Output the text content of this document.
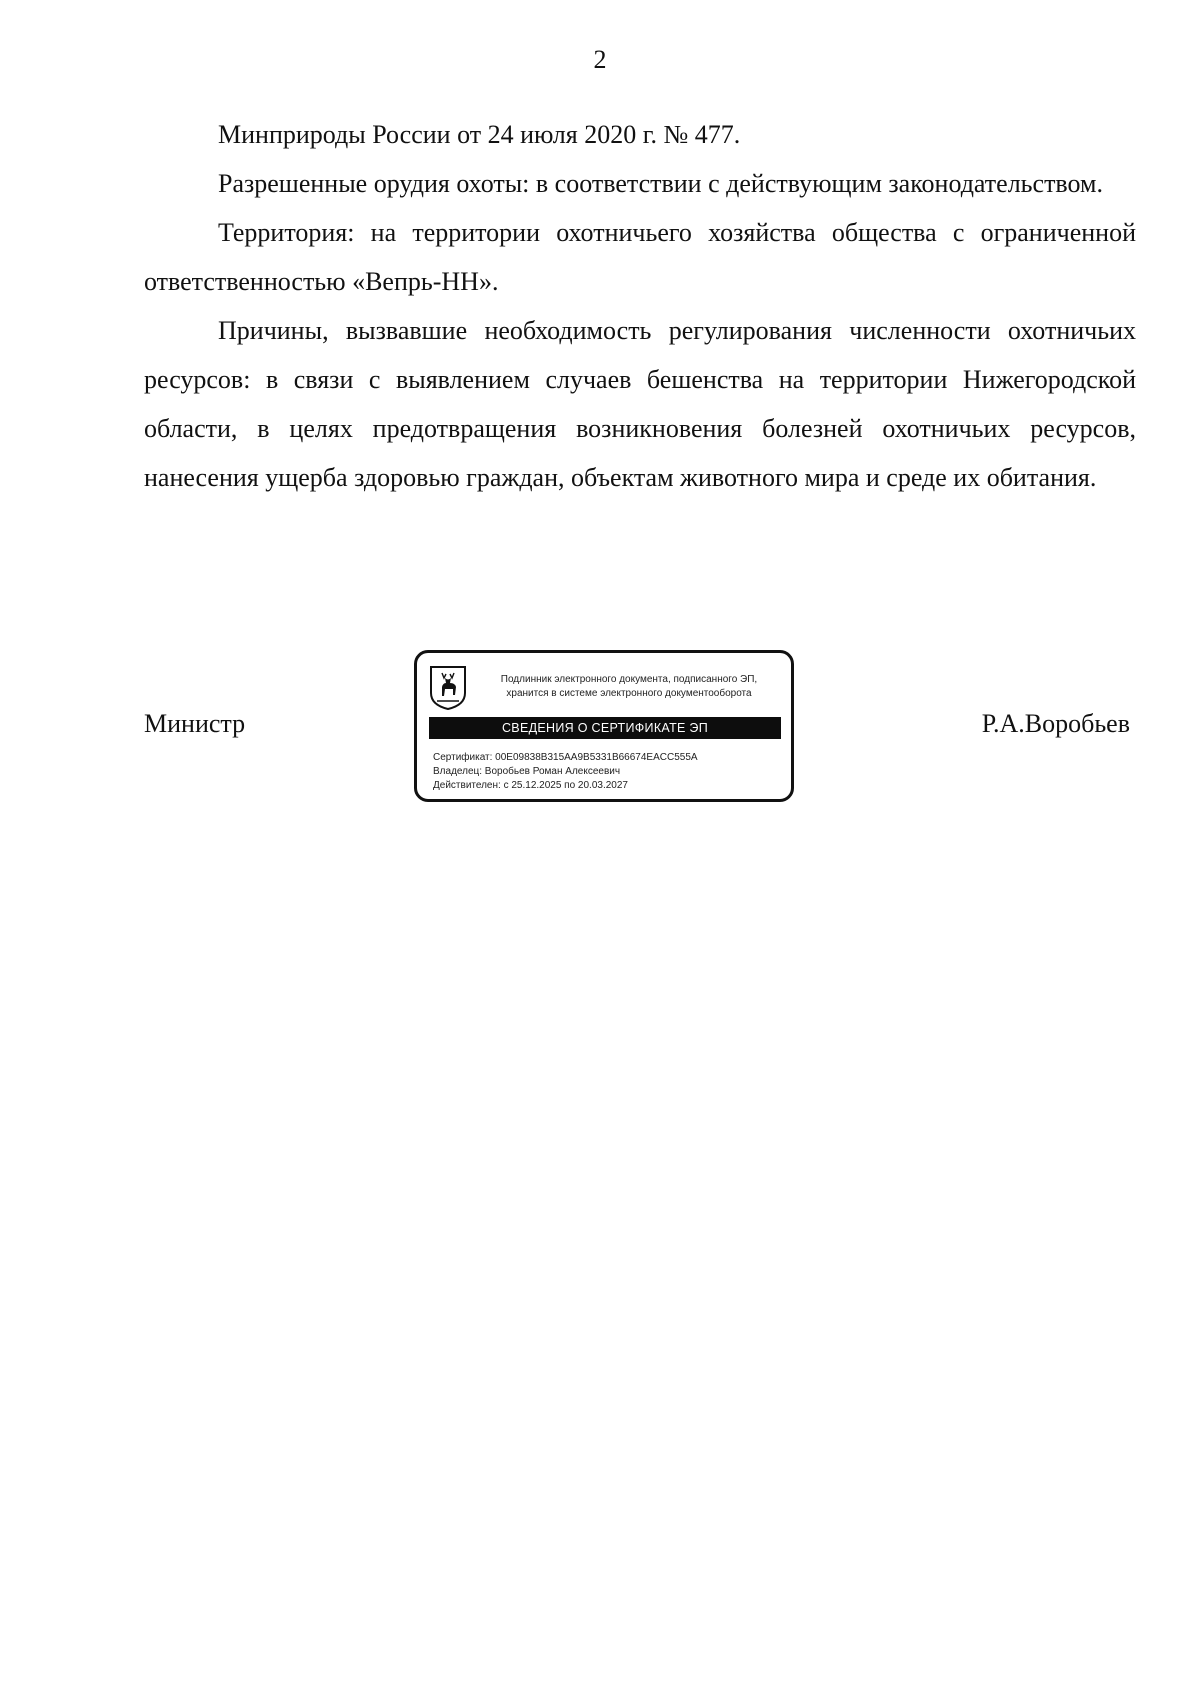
2

Минприроды России от 24 июля 2020 г. № 477.

Разрешенные орудия охоты: в соответствии с действующим законодательством.

Территория: на территории охотничьего хозяйства общества с ограниченной ответственностью «Вепрь-НН».

Причины, вызвавшие необходимость регулирования численности охотничьих ресурсов: в связи с выявлением случаев бешенства на территории Нижегородской области, в целях предотвращения возникновения болезней охотничьих ресурсов, нанесения ущерба здоровью граждан, объектам животного мира и среде их обитания.

Министр
Подлинник электронного документа, подписанного ЭП,
хранится в системе электронного документооборота
СВЕДЕНИЯ О СЕРТИФИКАТЕ ЭП
Сертификат: 00E09838B315AA9B5331B66674EACC555A
Владелец: Воробьев Роман Алексеевич
Действителен: с 25.12.2025 по 20.03.2027
Р.А.Воробьев
